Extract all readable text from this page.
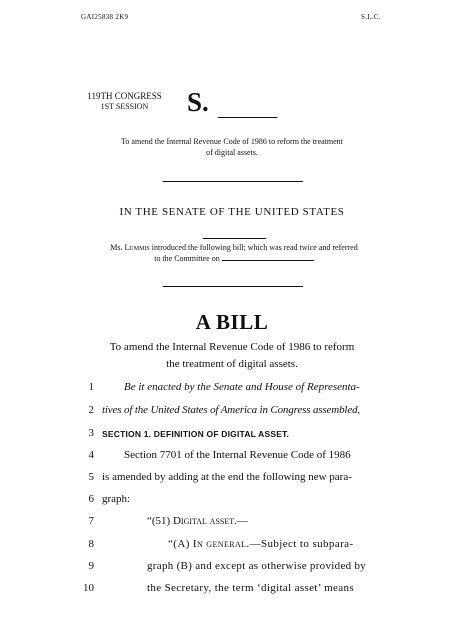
GAI25838 2K9	S.L.C.
119TH CONGRESS
1ST SESSION	S.
To amend the Internal Revenue Code of 1986 to reform the treatment
of digital assets.
IN THE SENATE OF THE UNITED STATES
Ms. Lummis introduced the following bill; which was read twice and referred
to the Committee on
A BILL
To amend the Internal Revenue Code of 1986 to reform
the treatment of digital assets.
1	Be it enacted by the Senate and House of Representa-
2 tives of the United States of America in Congress assembled,
3 SECTION 1. DEFINITION OF DIGITAL ASSET.
4	Section 7701 of the Internal Revenue Code of 1986
5 is amended by adding at the end the following new para-
6 graph:
7	“(51) Digital asset.—
8	“(A) In general.—Subject to subpara-
9	graph (B) and except as otherwise provided by
10	the Secretary, the term ‘digital asset’ means
